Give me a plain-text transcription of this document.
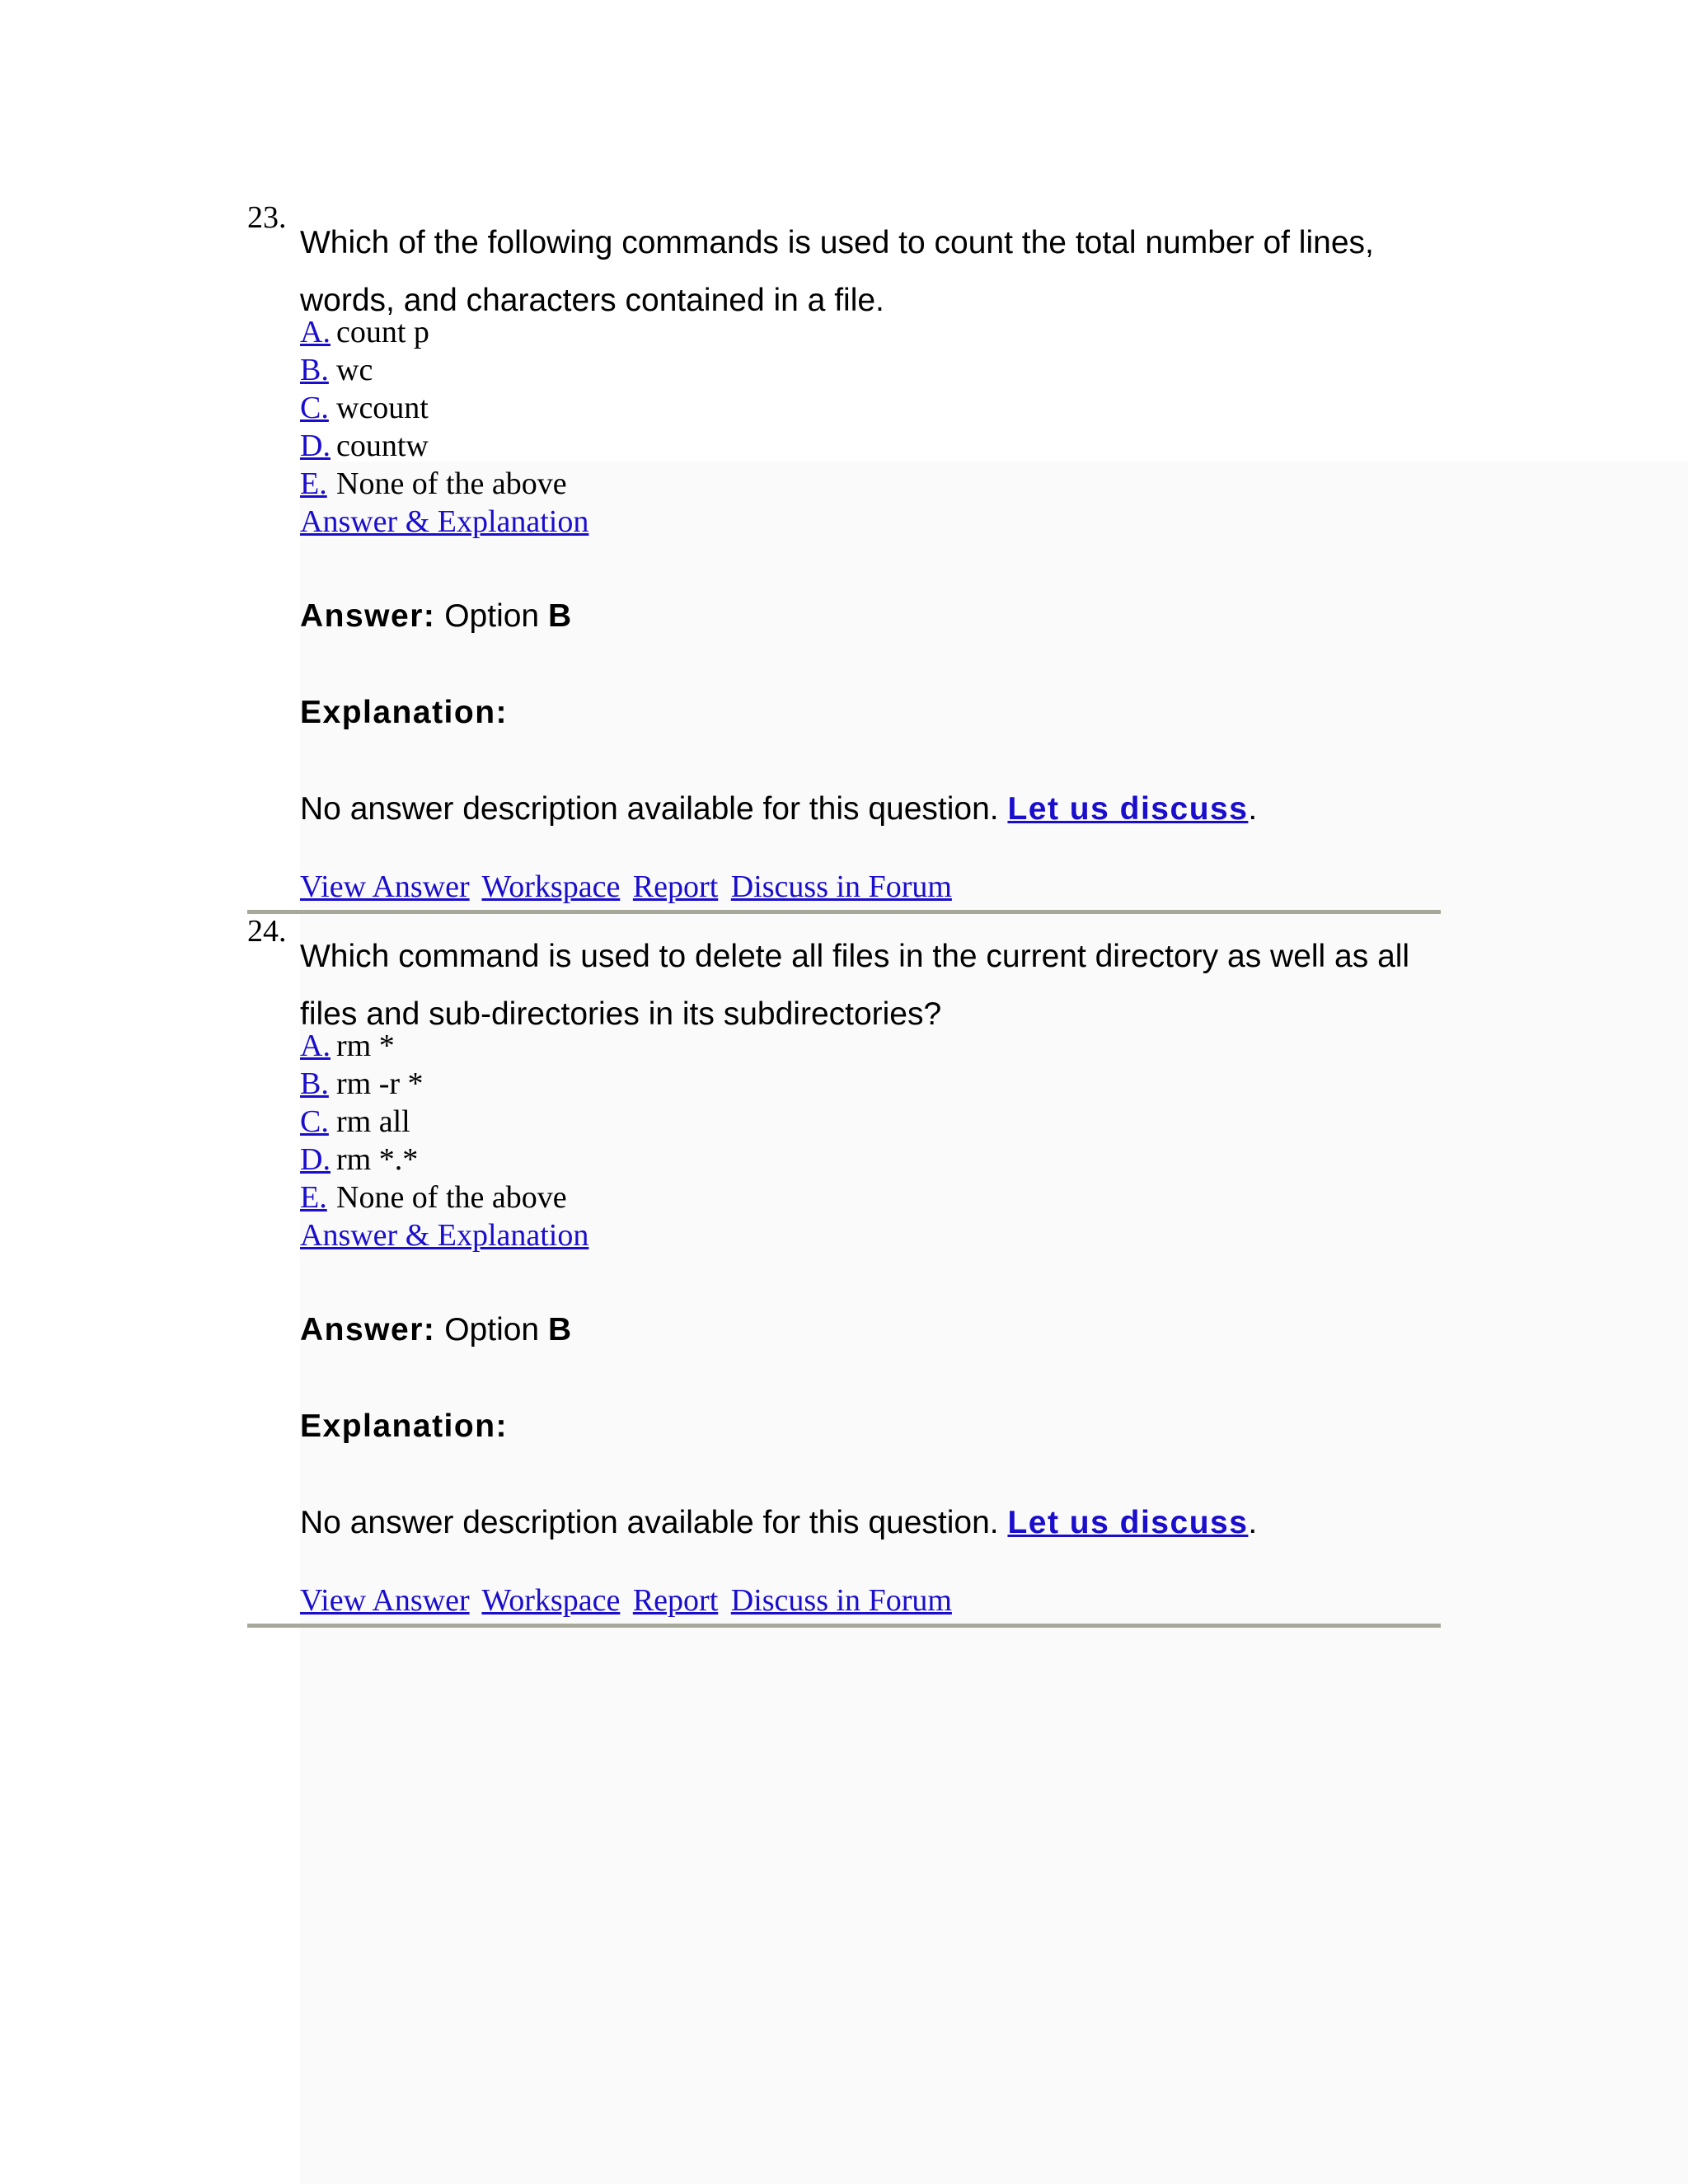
23.
Which of the following commands is used to count the total number of lines, words, and characters contained in a file.
A. count p
B. wc
C. wcount
D. countw
E. None of the above
Answer & Explanation
Answer: Option B
Explanation:
No answer description available for this question. Let us discuss.
View Answer Workspace Report Discuss in Forum
24.
Which command is used to delete all files in the current directory as well as all files and sub-directories in its subdirectories?
A. rm *
B. rm -r *
C. rm all
D. rm *.*
E. None of the above
Answer & Explanation
Answer: Option B
Explanation:
No answer description available for this question. Let us discuss.
View Answer Workspace Report Discuss in Forum
